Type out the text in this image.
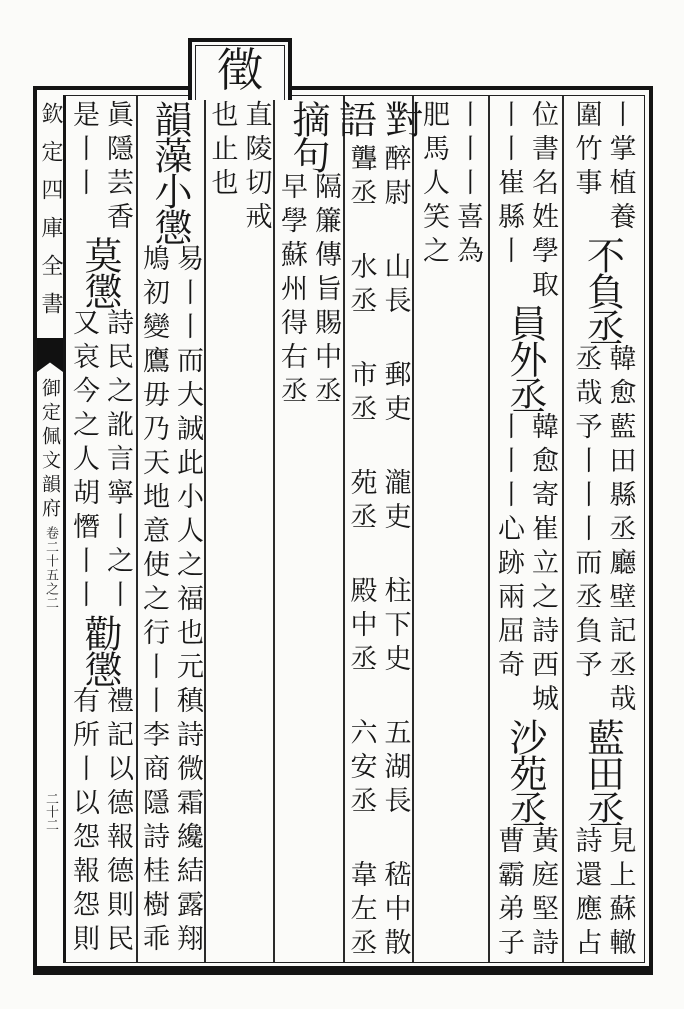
徵
欽定四庫全書
御定佩文韻府
卷二十五之二
二十二
丨掌植養
圍竹事
不負丞
韓愈藍田縣丞廳壁記丞哉
丞哉予丨丨丨而丞負予
藍田丞
見上蘇轍
詩還應占
位書名姓學取
丨丨崔縣丨
員外丞
韓愈寄崔立之詩西城
丨丨丨心跡兩屈奇
沙苑丞
黃庭堅詩
曹霸弟子
丨丨丨喜為
肥馬人笑之
對語
醉尉
聾丞
山長
水丞
郵吏
市丞
瀧吏
苑丞
柱下史
殿中丞
五湖長
六安丞
嵇中散
韋左丞
摘句
隔簾傳旨賜中丞
早學蘇州得右丞
直陵切戒
也止也
韻藻
小懲
易丨丨而大誠此小人之福也元稹詩微霜纔結露翔
鳩初變鷹毋乃天地意使之行丨丨李商隱詩桂樹乖
眞隱芸香
是丨丨
莫懲
詩民之訛言寧丨之丨
又哀今之人胡憯丨丨
勸懲
禮記以德報德則民
有所丨以怨報怨則
